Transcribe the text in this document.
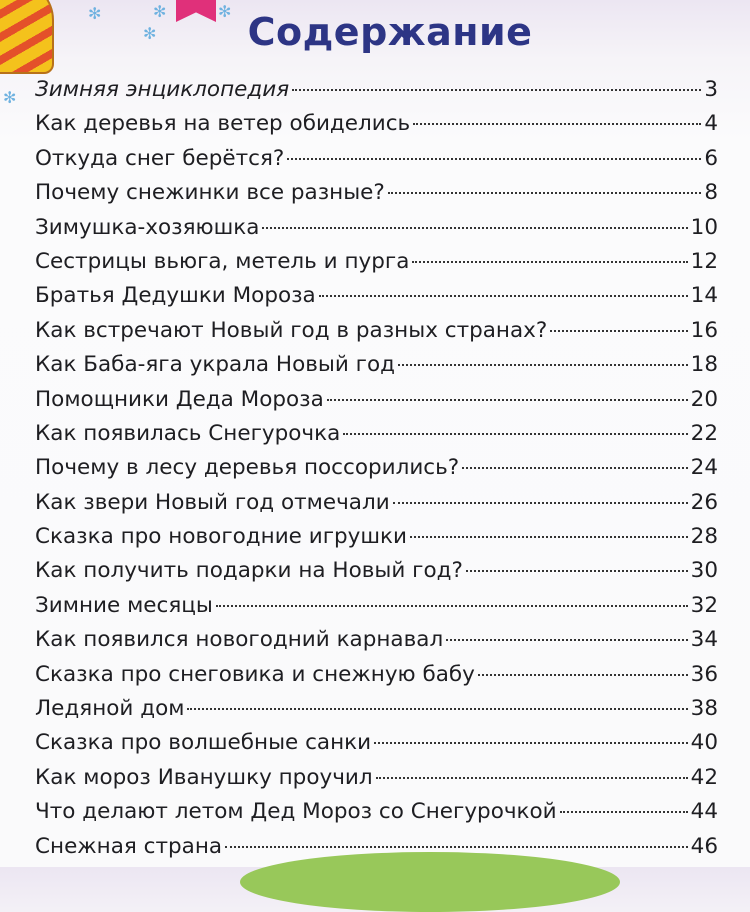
✻	✻
✻
✻
✻
Содержание
Зимняя энциклопедия	3
Как деревья на ветер обиделись	4
Откуда снег берётся?	6
Почему снежинки все разные?	8
Зимушка-хозяюшка	10
Сестрицы вьюга, метель и пурга	12
Братья Дедушки Мороза	14
Как встречают Новый год в разных странах?	16
Как Баба-яга украла Новый год	18
Помощники Деда Мороза	20
Как появилась Снегурочка	22
Почему в лесу деревья поссорились?	24
Как звери Новый год отмечали	26
Сказка про новогодние игрушки	28
Как получить подарки на Новый год?	30
Зимние месяцы	32
Как появился новогодний карнавал	34
Сказка про снеговика и снежную бабу	36
Ледяной дом	38
Сказка про волшебные санки	40
Как мороз Иванушку проучил	42
Что делают летом Дед Мороз со Снегурочкой	44
Снежная страна	46
